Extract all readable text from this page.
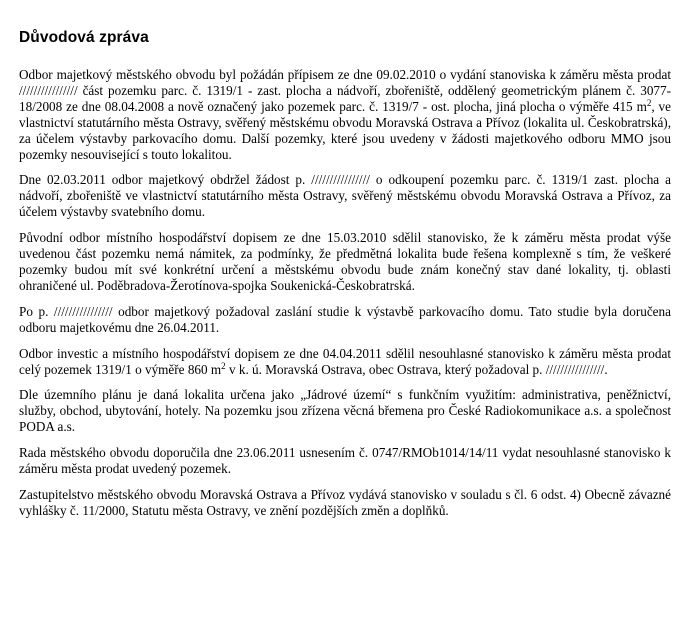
Důvodová zpráva

Odbor majetkový městského obvodu byl požádán přípisem ze dne 09.02.2010 o vydání stanoviska k záměru města prodat //////////////// část pozemku parc. č. 1319/1 - zast. plocha a nádvoří, zbořeniště, oddělený geometrickým plánem č. 3077-18/2008 ze dne 08.04.2008 a nově označený jako pozemek parc. č. 1319/7 - ost. plocha, jiná plocha o výměře 415 $m^2$, ve vlastnictví statutárního města Ostravy, svěřený městskému obvodu Moravská Ostrava a Přívoz (lokalita ul. Českobratrská), za účelem výstavby parkovacího domu. Další pozemky, které jsou uvedeny v žádosti majetkového odboru MMO jsou pozemky nesouvisející s touto lokalitou.

Dne 02.03.2011 odbor majetkový obdržel žádost p. //////////////// o odkoupení pozemku parc. č. 1319/1 zast. plocha a nádvoří, zbořeniště ve vlastnictví statutárního města Ostravy, svěřený městskému obvodu Moravská Ostrava a Přívoz, za účelem výstavby svatebního domu.

Původní odbor místního hospodářství dopisem ze dne 15.03.2010 sdělil stanovisko, že k záměru města prodat výše uvedenou část pozemku nemá námitek, za podmínky, že předmětná lokalita bude řešena komplexně s tím, že veškeré pozemky budou mít své konkrétní určení a městskému obvodu bude znám konečný stav dané lokality, tj. oblasti ohraničené ul. Poděbradova-Žerotínova-spojka Soukenická-Českobratrská.

Po p. //////////////// odbor majetkový požadoval zaslání studie k výstavbě parkovacího domu. Tato studie byla doručena odboru majetkovému dne 26.04.2011.

Odbor investic a místního hospodářství dopisem ze dne 04.04.2011 sdělil nesouhlasné stanovisko k záměru města prodat celý pozemek 1319/1 o výměře 860 $m^2$ v k. ú. Moravská Ostrava, obec Ostrava, který požadoval p. ////////////////.

Dle územního plánu je daná lokalita určena jako „Jádrové území“ s funkčním využitím: administrativa, peněžnictví, služby, obchod, ubytování, hotely. Na pozemku jsou zřízena věcná břemena pro České Radiokomunikace a.s. a společnost PODA a.s.

Rada městského obvodu doporučila dne 23.06.2011 usnesením č. 0747/RMOb1014/14/11 vydat nesouhlasné stanovisko k záměru města prodat uvedený pozemek.

Zastupitelstvo městského obvodu Moravská Ostrava a Přívoz vydává stanovisko v souladu s čl. 6 odst. 4) Obecně závazné vyhlášky č. 11/2000, Statutu města Ostravy, ve znění pozdějších změn a doplňků.
